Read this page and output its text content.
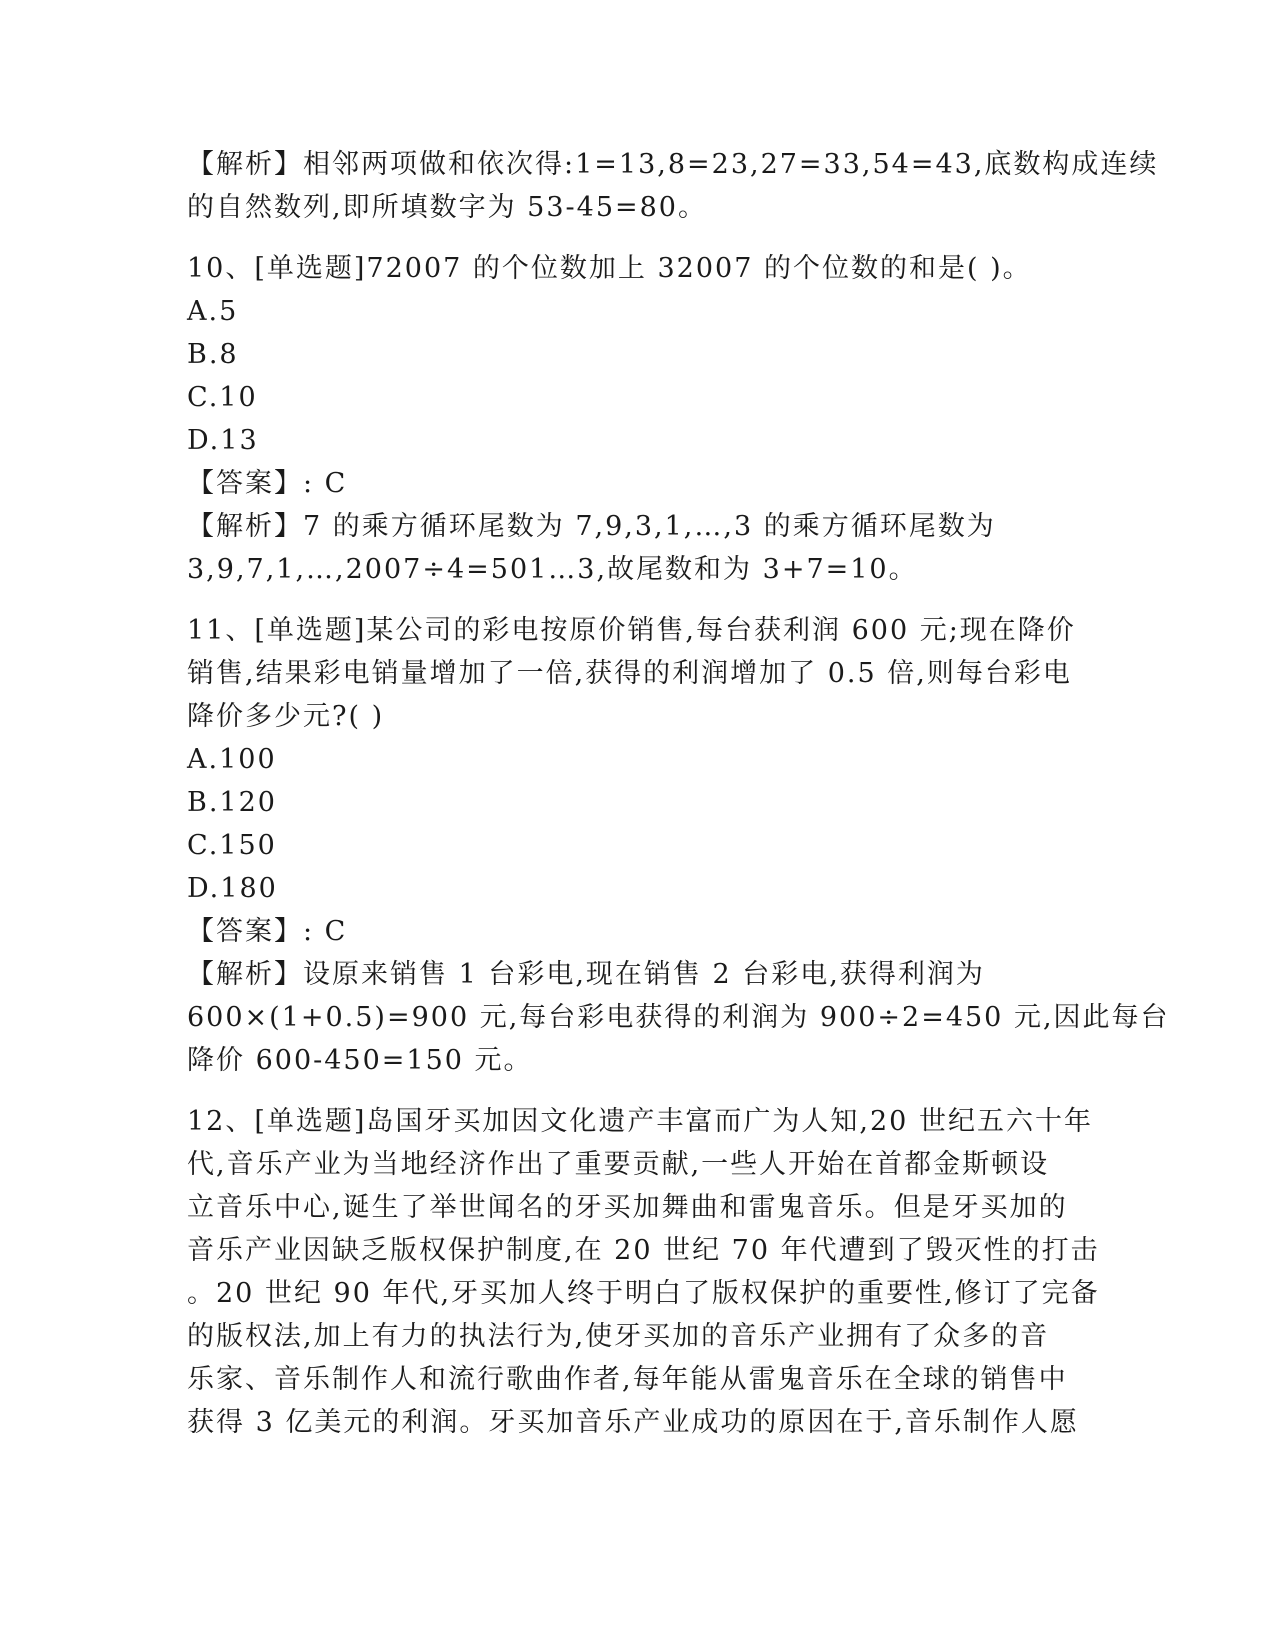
【解析】相邻两项做和依次得:1=13,8=23,27=33,54=43,底数构成连续
的自然数列,即所填数字为 53-45=80。
10、[单选题]72007 的个位数加上 32007 的个位数的和是( )。
A.5
B.8
C.10
D.13
【答案】: C
【解析】7 的乘方循环尾数为 7,9,3,1,…,3 的乘方循环尾数为
3,9,7,1,…,2007÷4=501…3,故尾数和为 3+7=10。
11、[单选题]某公司的彩电按原价销售,每台获利润 600 元;现在降价
销售,结果彩电销量增加了一倍,获得的利润增加了 0.5 倍,则每台彩电
降价多少元?( )
A.100
B.120
C.150
D.180
【答案】: C
【解析】设原来销售 1 台彩电,现在销售 2 台彩电,获得利润为
600×(1+0.5)=900 元,每台彩电获得的利润为 900÷2=450 元,因此每台
降价 600-450=150 元。
12、[单选题]岛国牙买加因文化遗产丰富而广为人知,20 世纪五六十年
代,音乐产业为当地经济作出了重要贡献,一些人开始在首都金斯顿设
立音乐中心,诞生了举世闻名的牙买加舞曲和雷鬼音乐。但是牙买加的
音乐产业因缺乏版权保护制度,在 20 世纪 70 年代遭到了毁灭性的打击
。20 世纪 90 年代,牙买加人终于明白了版权保护的重要性,修订了完备
的版权法,加上有力的执法行为,使牙买加的音乐产业拥有了众多的音
乐家、音乐制作人和流行歌曲作者,每年能从雷鬼音乐在全球的销售中
获得 3 亿美元的利润。牙买加音乐产业成功的原因在于,音乐制作人愿
